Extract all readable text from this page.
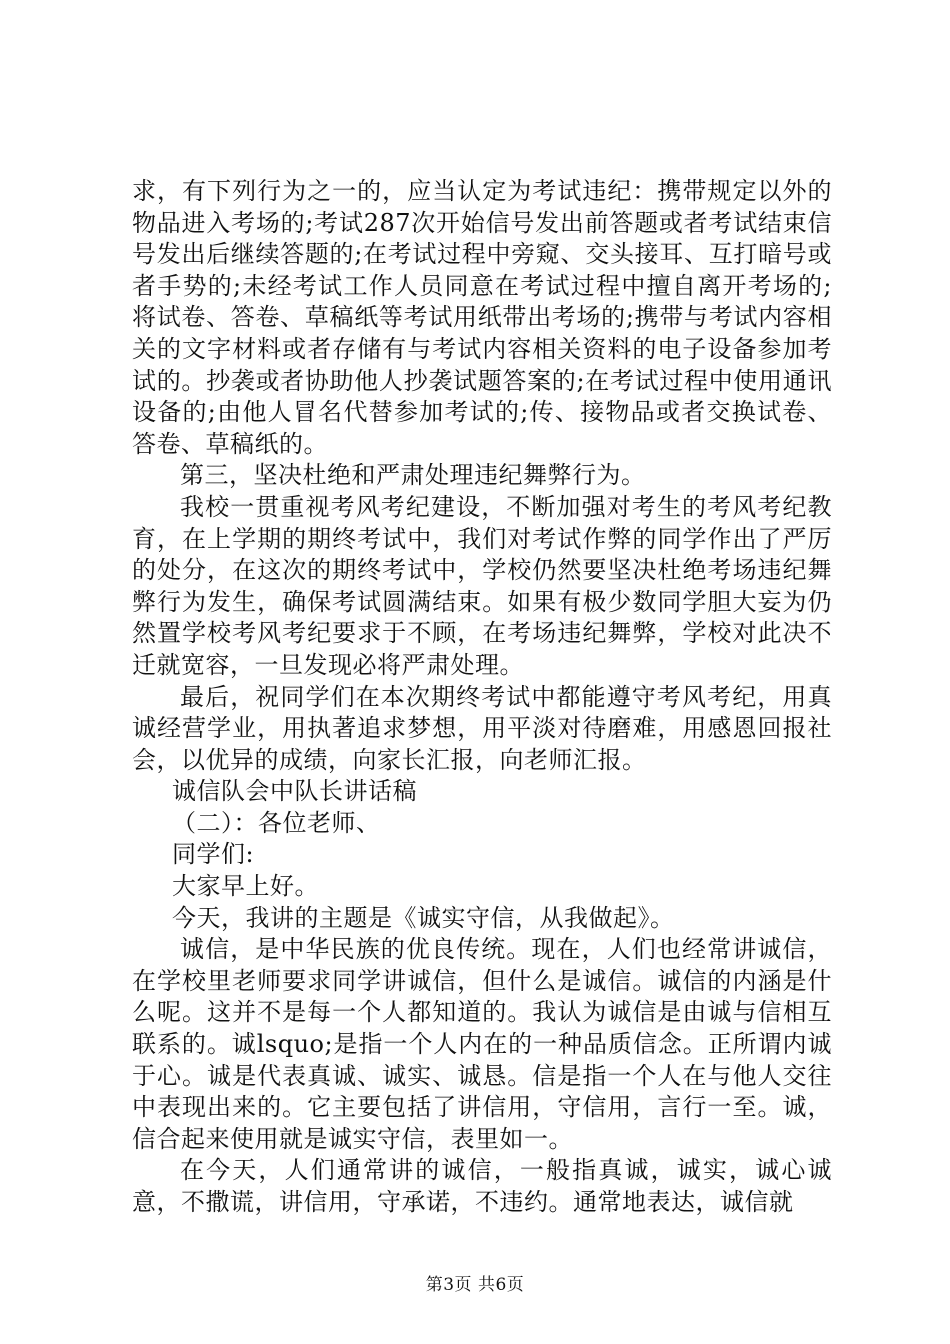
求，有下列行为之一的，应当认定为考试违纪：携带规定以外的物品进入考场的;考试287次开始信号发出前答题或者考试结束信号发出后继续答题的;在考试过程中旁窥、交头接耳、互打暗号或者手势的;未经考试工作人员同意在考试过程中擅自离开考场的;将试卷、答卷、草稿纸等考试用纸带出考场的;携带与考试内容相关的文字材料或者存储有与考试内容相关资料的电子设备参加考试的。抄袭或者协助他人抄袭试题答案的;在考试过程中使用通讯设备的;由他人冒名代替参加考试的;传、接物品或者交换试卷、答卷、草稿纸的。

第三，坚决杜绝和严肃处理违纪舞弊行为。

我校一贯重视考风考纪建设，不断加强对考生的考风考纪教育，在上学期的期终考试中，我们对考试作弊的同学作出了严厉的处分，在这次的期终考试中，学校仍然要坚决杜绝考场违纪舞弊行为发生，确保考试圆满结束。如果有极少数同学胆大妄为仍然置学校考风考纪要求于不顾，在考场违纪舞弊，学校对此决不迁就宽容，一旦发现必将严肃处理。

最后，祝同学们在本次期终考试中都能遵守考风考纪，用真诚经营学业，用执著追求梦想，用平淡对待磨难，用感恩回报社会，以优异的成绩，向家长汇报，向老师汇报。

诚信队会中队长讲话稿

（二）：各位老师、

同学们:

大家早上好。

今天，我讲的主题是《诚实守信，从我做起》。

诚信，是中华民族的优良传统。现在，人们也经常讲诚信，在学校里老师要求同学讲诚信，但什么是诚信。诚信的内涵是什么呢。这并不是每一个人都知道的。我认为诚信是由诚与信相互联系的。诚lsquo;是指一个人内在的一种品质信念。正所谓内诚于心。诚是代表真诚、诚实、诚恳。信是指一个人在与他人交往中表现出来的。它主要包括了讲信用，守信用，言行一至。诚，信合起来使用就是诚实守信，表里如一。

在今天，人们通常讲的诚信，一般指真诚，诚实，诚心诚意，不撒谎，讲信用，守承诺，不违约。通常地表达，诚信就

第3页 共6页
